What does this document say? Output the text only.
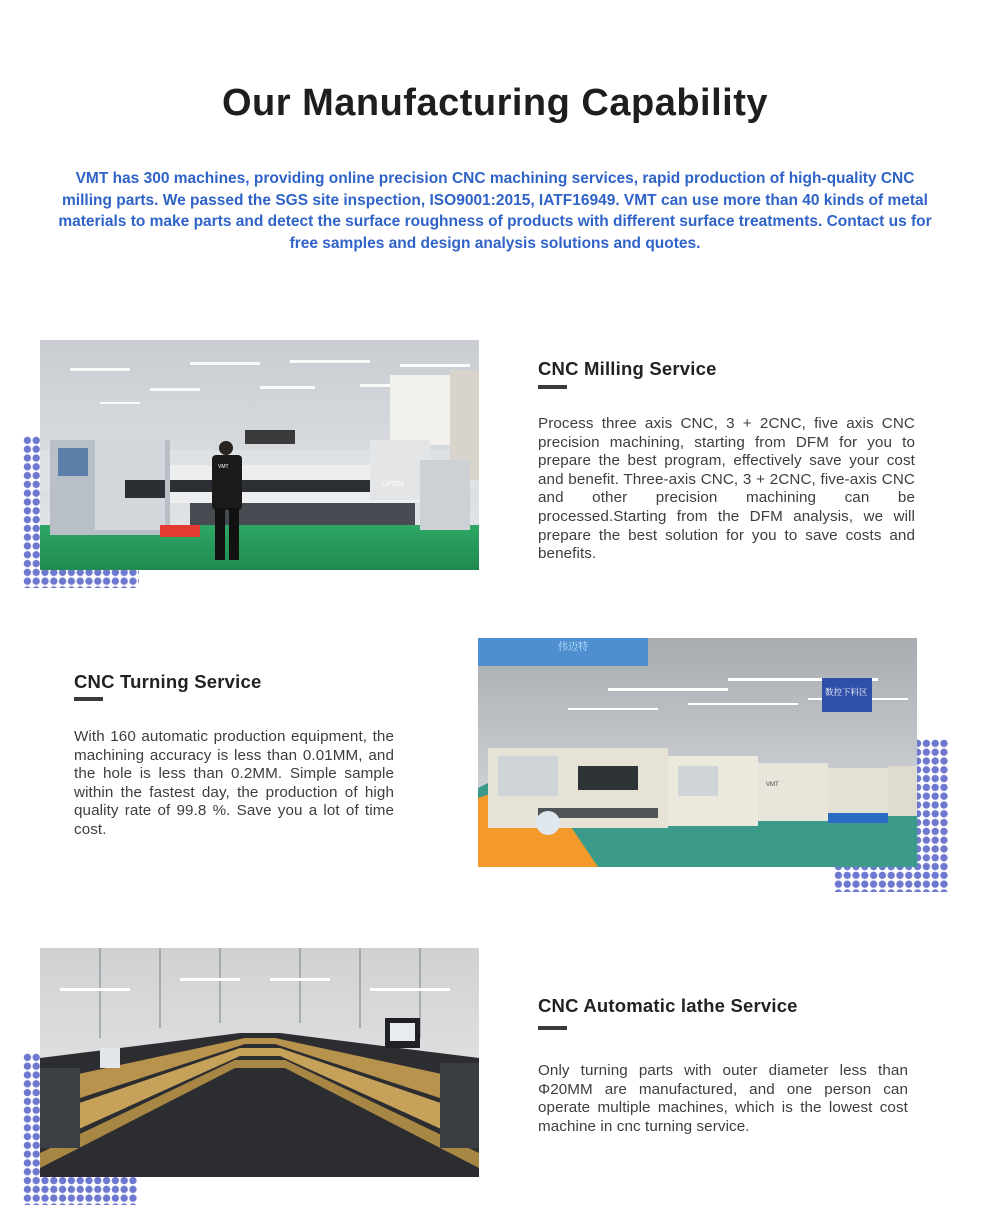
Our Manufacturing Capability

VMT has 300 machines, providing online precision CNC machining services, rapid production of high-quality CNC milling parts. We passed the SGS site inspection, ISO9001:2015, IATF16949. VMT can use more than 40 kinds of metal materials to make parts and detect the surface roughness of products with different surface treatments. Contact us for free samples and design analysis solutions and quotes.

UPZ53
VMT
CNC Milling Service

Process three axis CNC, 3 + 2CNC, five axis CNC precision machining, starting from DFM for you to prepare the best program, effectively save your cost and benefit. Three-axis CNC, 3 + 2CNC, five-axis CNC and other precision machining can be processed.Starting from the DFM analysis, we will prepare the best solution for you to save costs and benefits.

CNC Turning Service

With 160 automatic production equipment, the machining accuracy is less than 0.01MM, and the hole is less than 0.2MM. Simple sample within the fastest day, the production of high quality rate of 99.8 %. Save you a lot of time cost.

伟迈特
数控下料区
VMT
CNC Automatic lathe Service

Only turning parts with outer diameter less than Φ20MM are manufactured, and one person can operate multiple machines, which is the lowest cost machine in cnc turning service.
